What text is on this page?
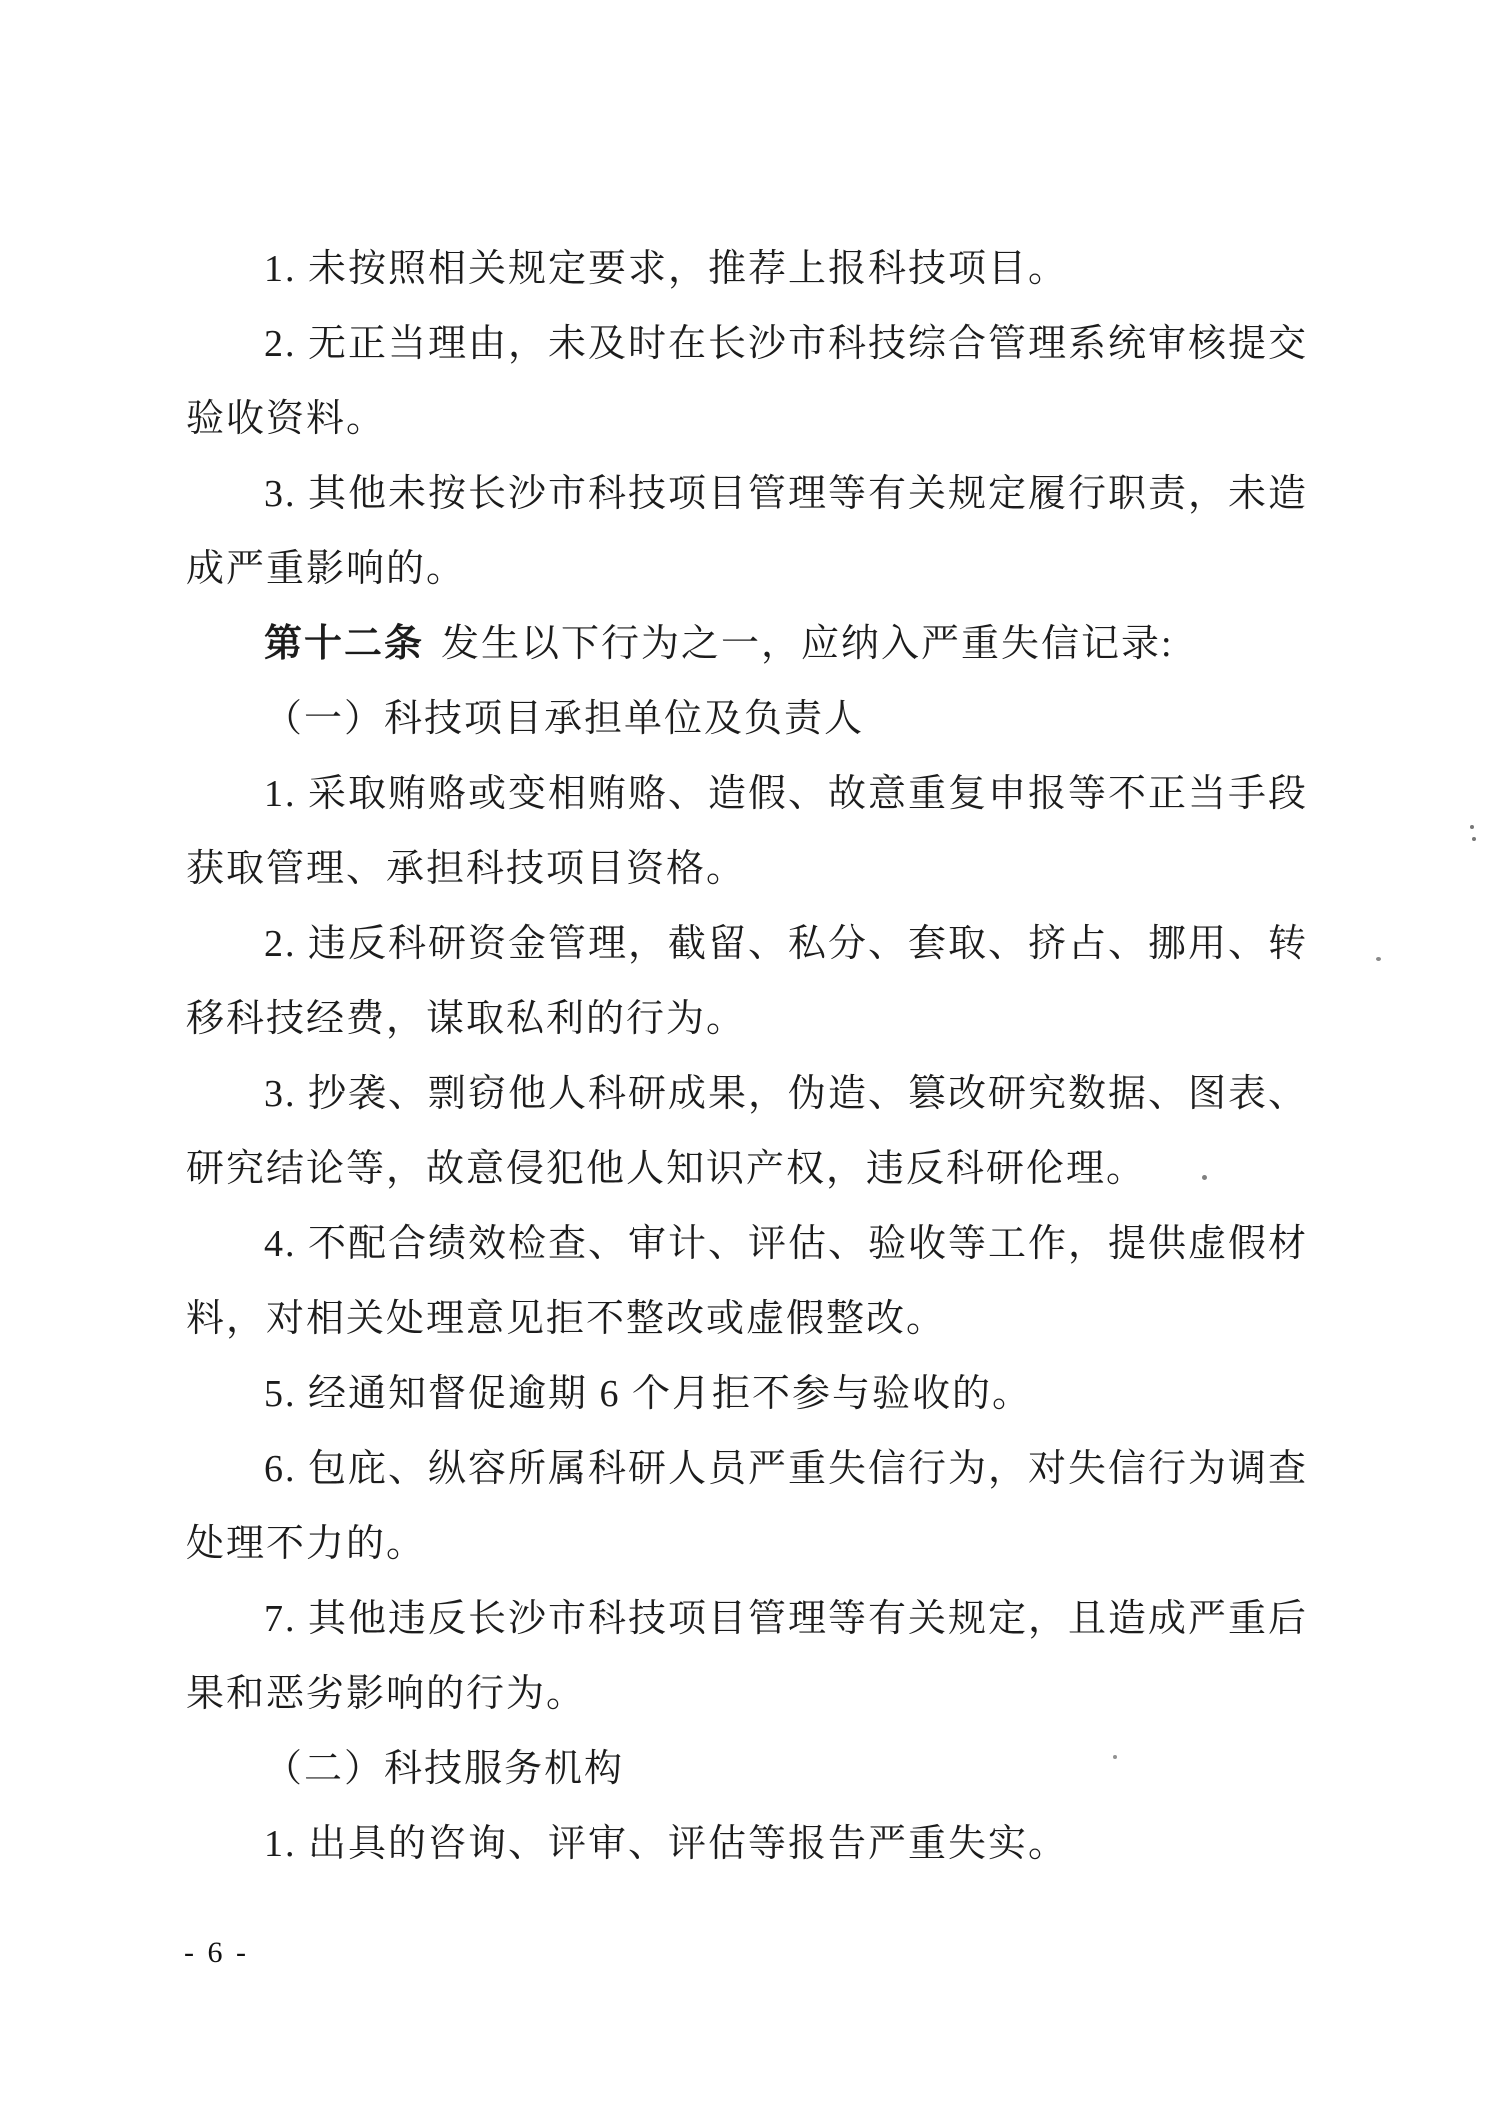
1. 未按照相关规定要求，推荐上报科技项目。
2. 无正当理由，未及时在长沙市科技综合管理系统审核提交
验收资料。
3. 其他未按长沙市科技项目管理等有关规定履行职责，未造
成严重影响的。
第十二条 发生以下行为之一，应纳入严重失信记录:
（一）科技项目承担单位及负责人
1. 采取贿赂或变相贿赂、造假、故意重复申报等不正当手段
获取管理、承担科技项目资格。
2. 违反科研资金管理，截留、私分、套取、挤占、挪用、转
移科技经费，谋取私利的行为。
3. 抄袭、剽窃他人科研成果，伪造、篡改研究数据、图表、
研究结论等，故意侵犯他人知识产权，违反科研伦理。
4. 不配合绩效检查、审计、评估、验收等工作，提供虚假材
料，对相关处理意见拒不整改或虚假整改。
5. 经通知督促逾期 6 个月拒不参与验收的。
6. 包庇、纵容所属科研人员严重失信行为，对失信行为调查
处理不力的。
7. 其他违反长沙市科技项目管理等有关规定，且造成严重后
果和恶劣影响的行为。
（二）科技服务机构
1. 出具的咨询、评审、评估等报告严重失实。
- 6 -
